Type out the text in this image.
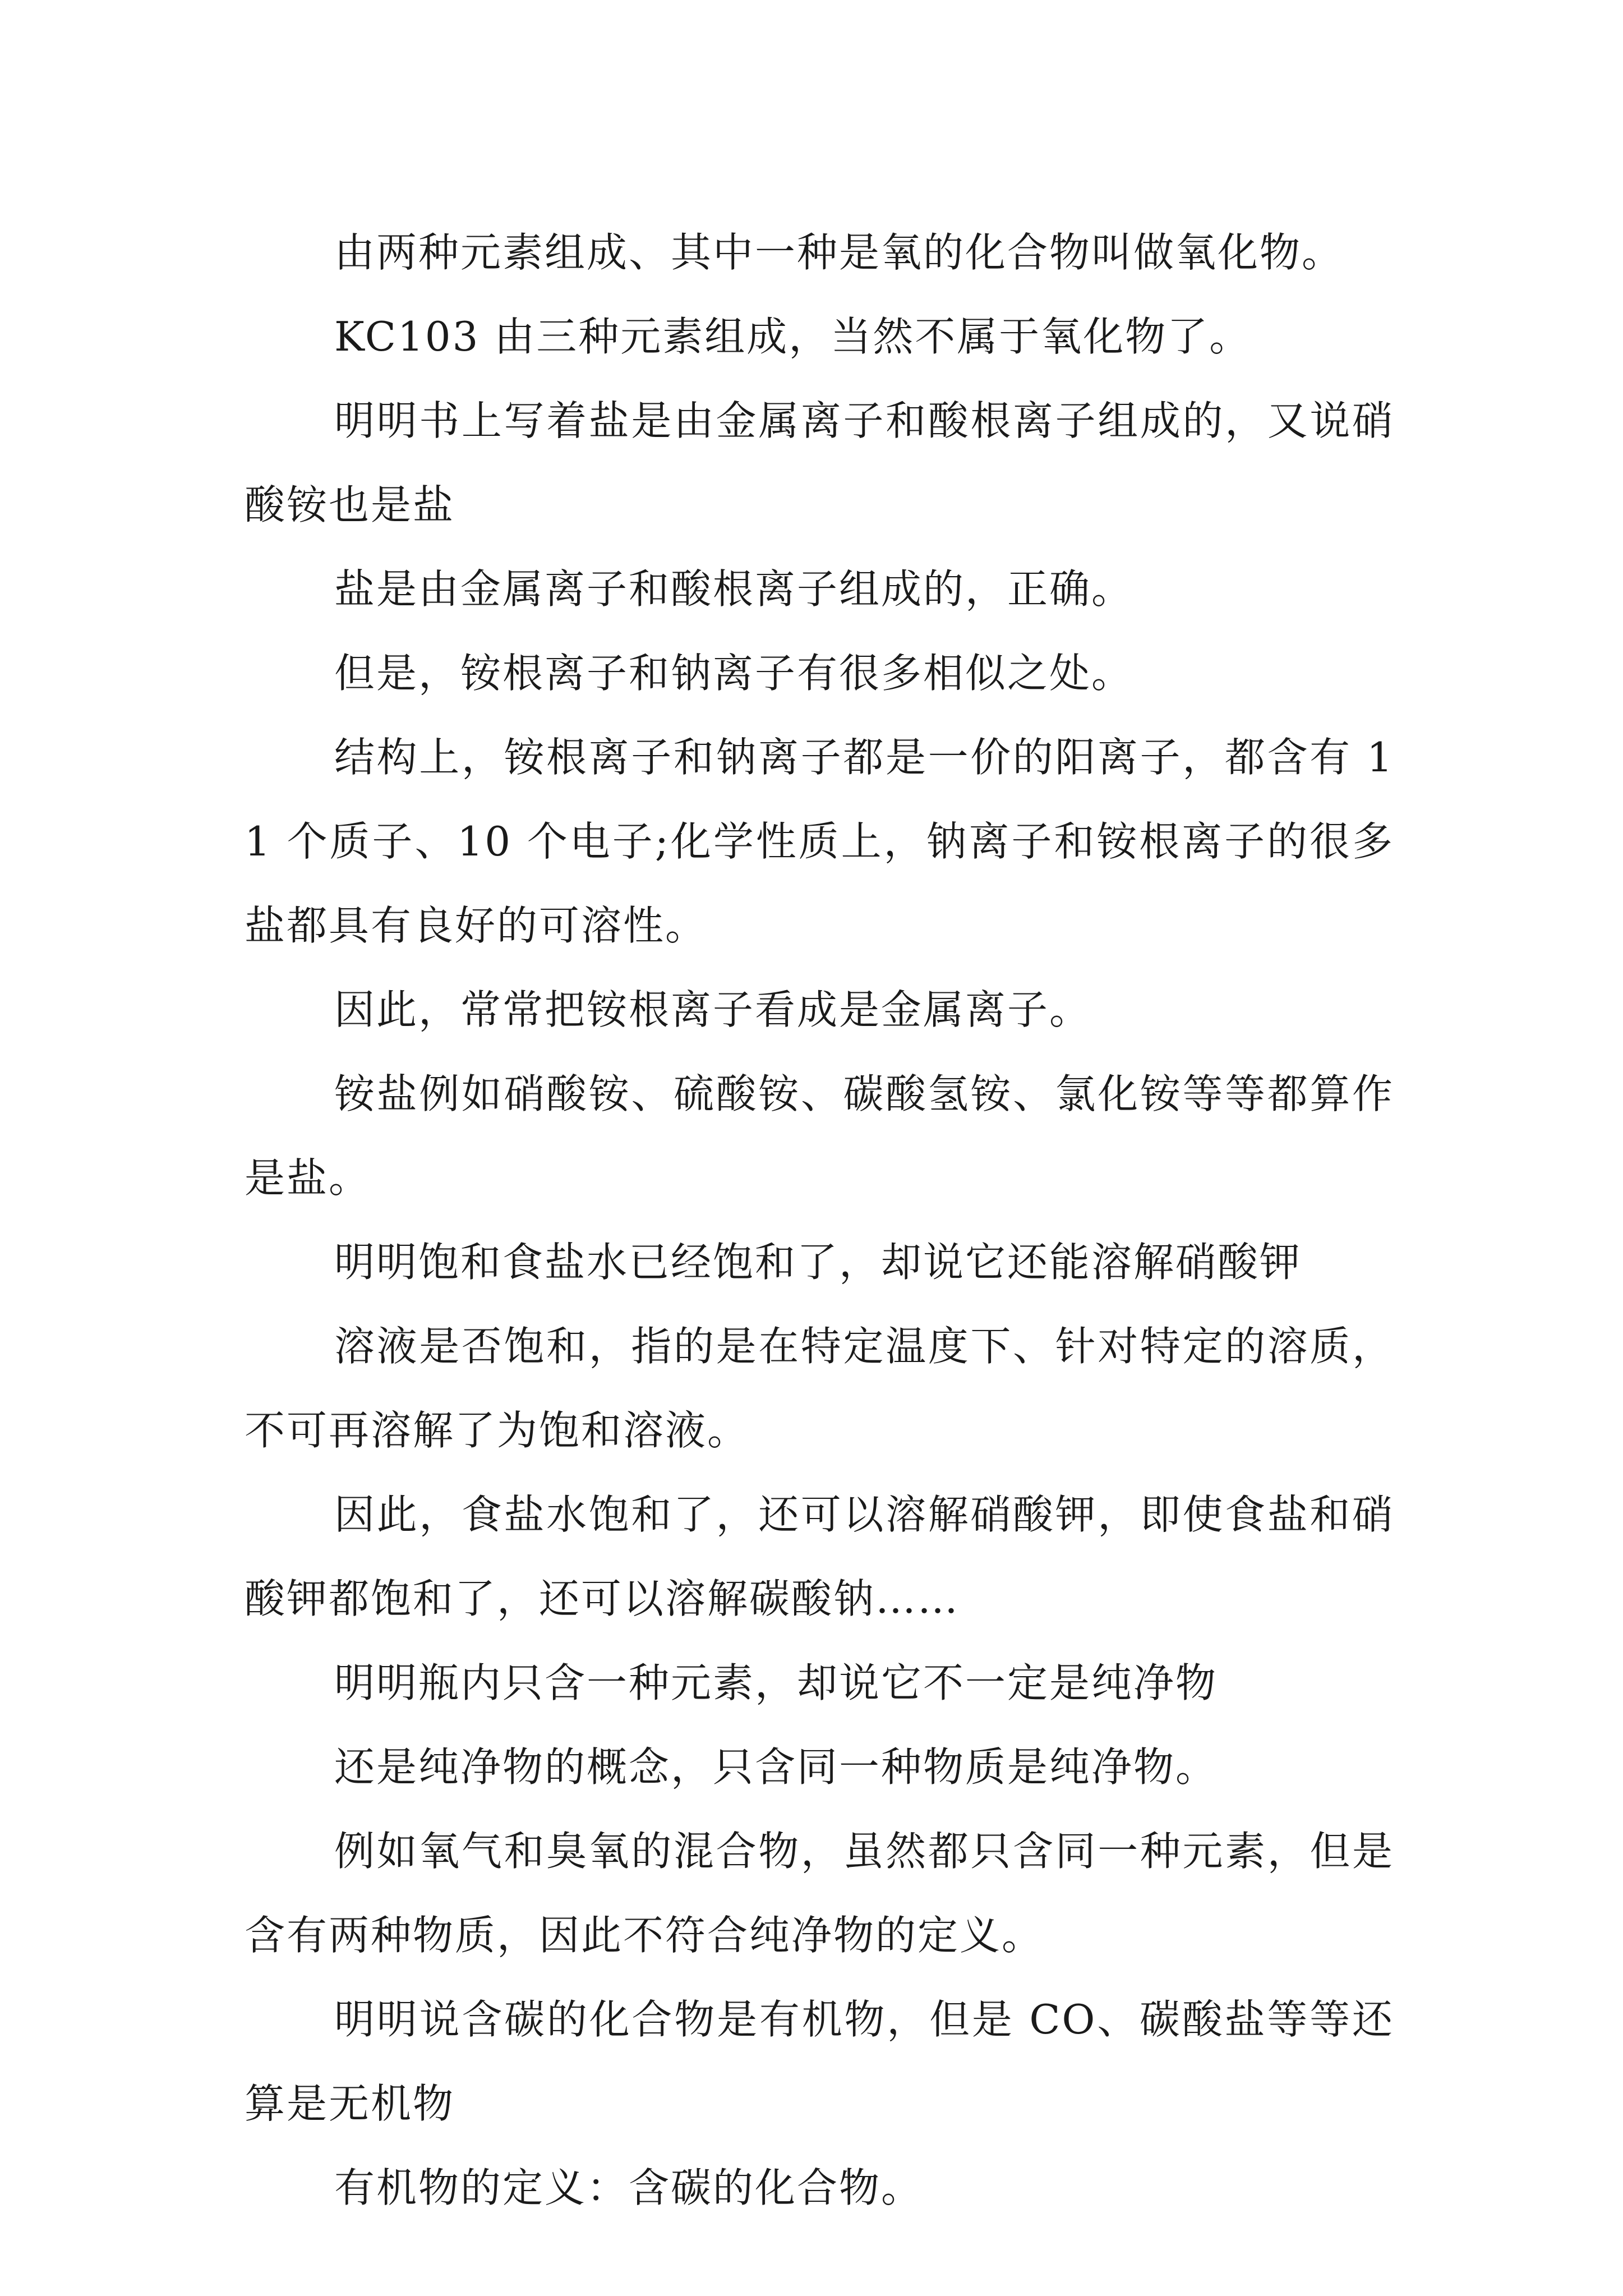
由两种元素组成、其中一种是氧的化合物叫做氧化物。

KC103 由三种元素组成，当然不属于氧化物了。

明明书上写着盐是由金属离子和酸根离子组成的，又说硝酸铵也是盐

盐是由金属离子和酸根离子组成的，正确。

但是，铵根离子和钠离子有很多相似之处。

结构上，铵根离子和钠离子都是一价的阳离子，都含有 11 个质子、10 个电子;化学性质上，钠离子和铵根离子的很多盐都具有良好的可溶性。

因此，常常把铵根离子看成是金属离子。

铵盐例如硝酸铵、硫酸铵、碳酸氢铵、氯化铵等等都算作是盐。

明明饱和食盐水已经饱和了，却说它还能溶解硝酸钾

溶液是否饱和，指的是在特定温度下、针对特定的溶质，不可再溶解了为饱和溶液。

因此，食盐水饱和了，还可以溶解硝酸钾，即使食盐和硝酸钾都饱和了，还可以溶解碳酸钠……

明明瓶内只含一种元素，却说它不一定是纯净物

还是纯净物的概念，只含同一种物质是纯净物。

例如氧气和臭氧的混合物，虽然都只含同一种元素，但是含有两种物质，因此不符合纯净物的定义。

明明说含碳的化合物是有机物，但是 CO、碳酸盐等等还算是无机物

有机物的定义：含碳的化合物。
